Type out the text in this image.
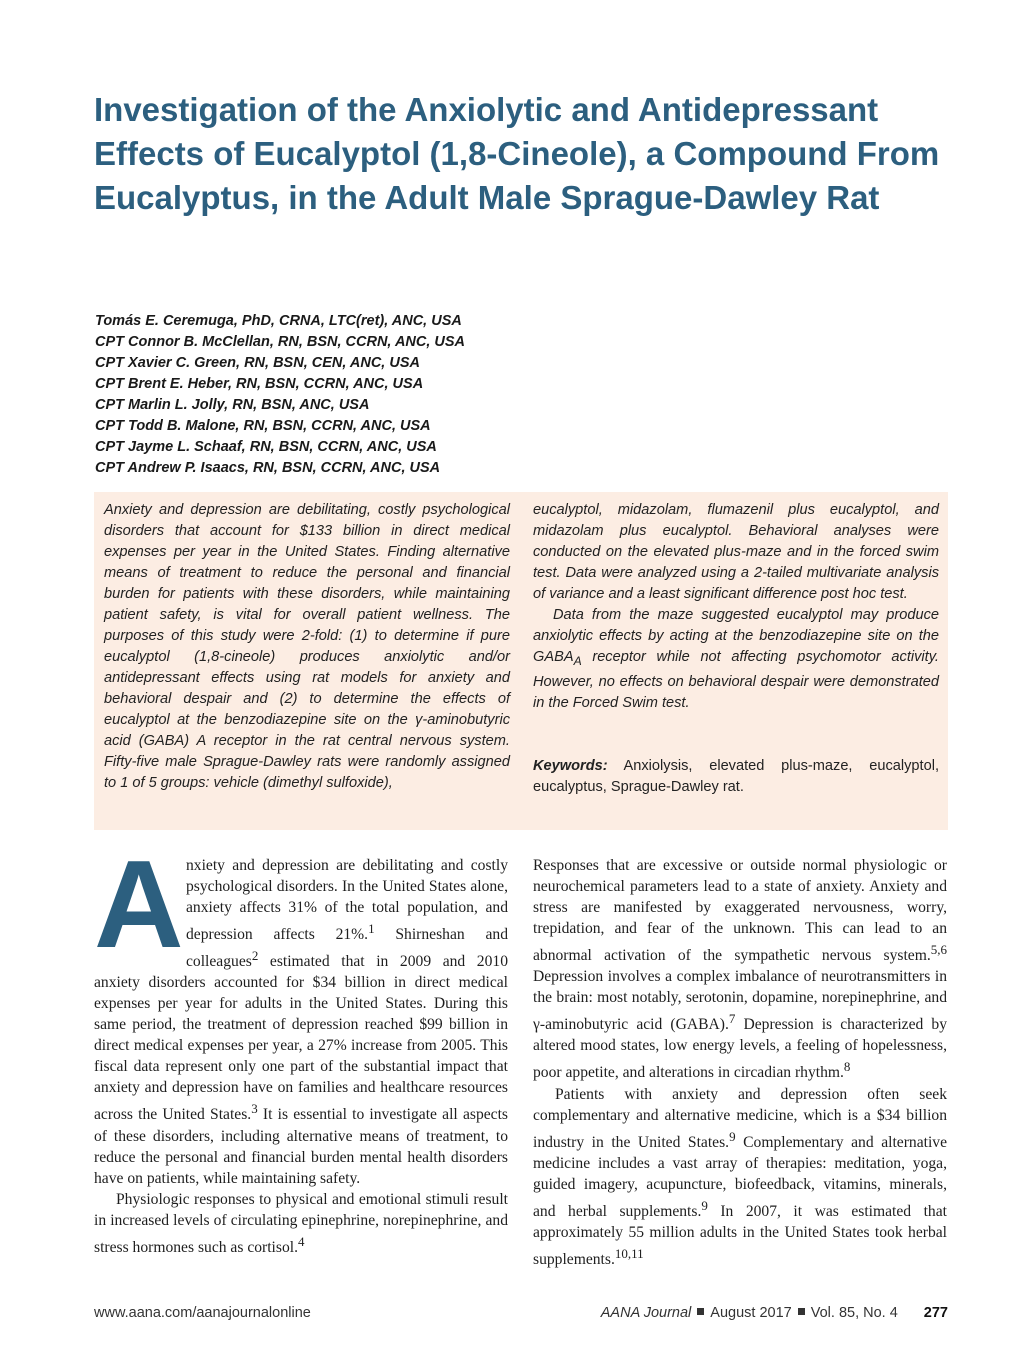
Investigation of the Anxiolytic and Antidepressant Effects of Eucalyptol (1,8-Cineole), a Compound From Eucalyptus, in the Adult Male Sprague-Dawley Rat
Tomás E. Ceremuga, PhD, CRNA, LTC(ret), ANC, USA
CPT Connor B. McClellan, RN, BSN, CCRN, ANC, USA
CPT Xavier C. Green, RN, BSN, CEN, ANC, USA
CPT Brent E. Heber, RN, BSN, CCRN, ANC, USA
CPT Marlin L. Jolly, RN, BSN, ANC, USA
CPT Todd B. Malone, RN, BSN, CCRN, ANC, USA
CPT Jayme L. Schaaf, RN, BSN, CCRN, ANC, USA
CPT Andrew P. Isaacs, RN, BSN, CCRN, ANC, USA

Anxiety and depression are debilitating, costly psychological disorders that account for $133 billion in direct medical expenses per year in the United States. Finding alternative means of treatment to reduce the personal and financial burden for patients with these disorders, while maintaining patient safety, is vital for overall patient wellness. The purposes of this study were 2-fold: (1) to determine if pure eucalyptol (1,8-cineole) produces anxiolytic and/or antidepressant effects using rat models for anxiety and behavioral despair and (2) to determine the effects of eucalyptol at the benzodiazepine site on the γ-aminobutyric acid (GABA) A receptor in the rat central nervous system. Fifty-five male Sprague-Dawley rats were randomly assigned to 1 of 5 groups: vehicle (dimethyl sulfoxide),

eucalyptol, midazolam, flumazenil plus eucalyptol, and midazolam plus eucalyptol. Behavioral analyses were conducted on the elevated plus-maze and in the forced swim test. Data were analyzed using a 2-tailed multivariate analysis of variance and a least significant difference post hoc test.

Data from the maze suggested eucalyptol may produce anxiolytic effects by acting at the benzodiazepine site on the $GABA_A$ receptor while not affecting psychomotor activity. However, no effects on behavioral despair were demonstrated in the Forced Swim test.

Keywords: Anxiolysis, elevated plus-maze, eucalyptol, eucalyptus, Sprague-Dawley rat.

Anxiety and depression are debilitating and costly psychological disorders. In the United States alone, anxiety affects 31% of the total population, and depression affects 21%.$^1$ Shirneshan and colleagues$^2$ estimated that in 2009 and 2010 anxiety disorders accounted for $34 billion in direct medical expenses per year for adults in the United States. During this same period, the treatment of depression reached $99 billion in direct medical expenses per year, a 27% increase from 2005. This fiscal data represent only one part of the substantial impact that anxiety and depression have on families and healthcare resources across the United States.$^3$ It is essential to investigate all aspects of these disorders, including alternative means of treatment, to reduce the personal and financial burden mental health disorders have on patients, while maintaining safety.

Physiologic responses to physical and emotional stimuli result in increased levels of circulating epinephrine, norepinephrine, and stress hormones such as cortisol.$^4$

Responses that are excessive or outside normal physiologic or neurochemical parameters lead to a state of anxiety. Anxiety and stress are manifested by exaggerated nervousness, worry, trepidation, and fear of the unknown. This can lead to an abnormal activation of the sympathetic nervous system.$^{5,6}$ Depression involves a complex imbalance of neurotransmitters in the brain: most notably, serotonin, dopamine, norepinephrine, and γ-aminobutyric acid (GABA).$^7$ Depression is characterized by altered mood states, low energy levels, a feeling of hopelessness, poor appetite, and alterations in circadian rhythm.$^8$

Patients with anxiety and depression often seek complementary and alternative medicine, which is a $34 billion industry in the United States.$^9$ Complementary and alternative medicine includes a vast array of therapies: meditation, yoga, guided imagery, acupuncture, biofeedback, vitamins, minerals, and herbal supplements.$^9$ In 2007, it was estimated that approximately 55 million adults in the United States took herbal supplements.$^{10,11}$

www.aana.com/aanajournalonline	AANA Journal August 2017 Vol. 85, No. 4 277
